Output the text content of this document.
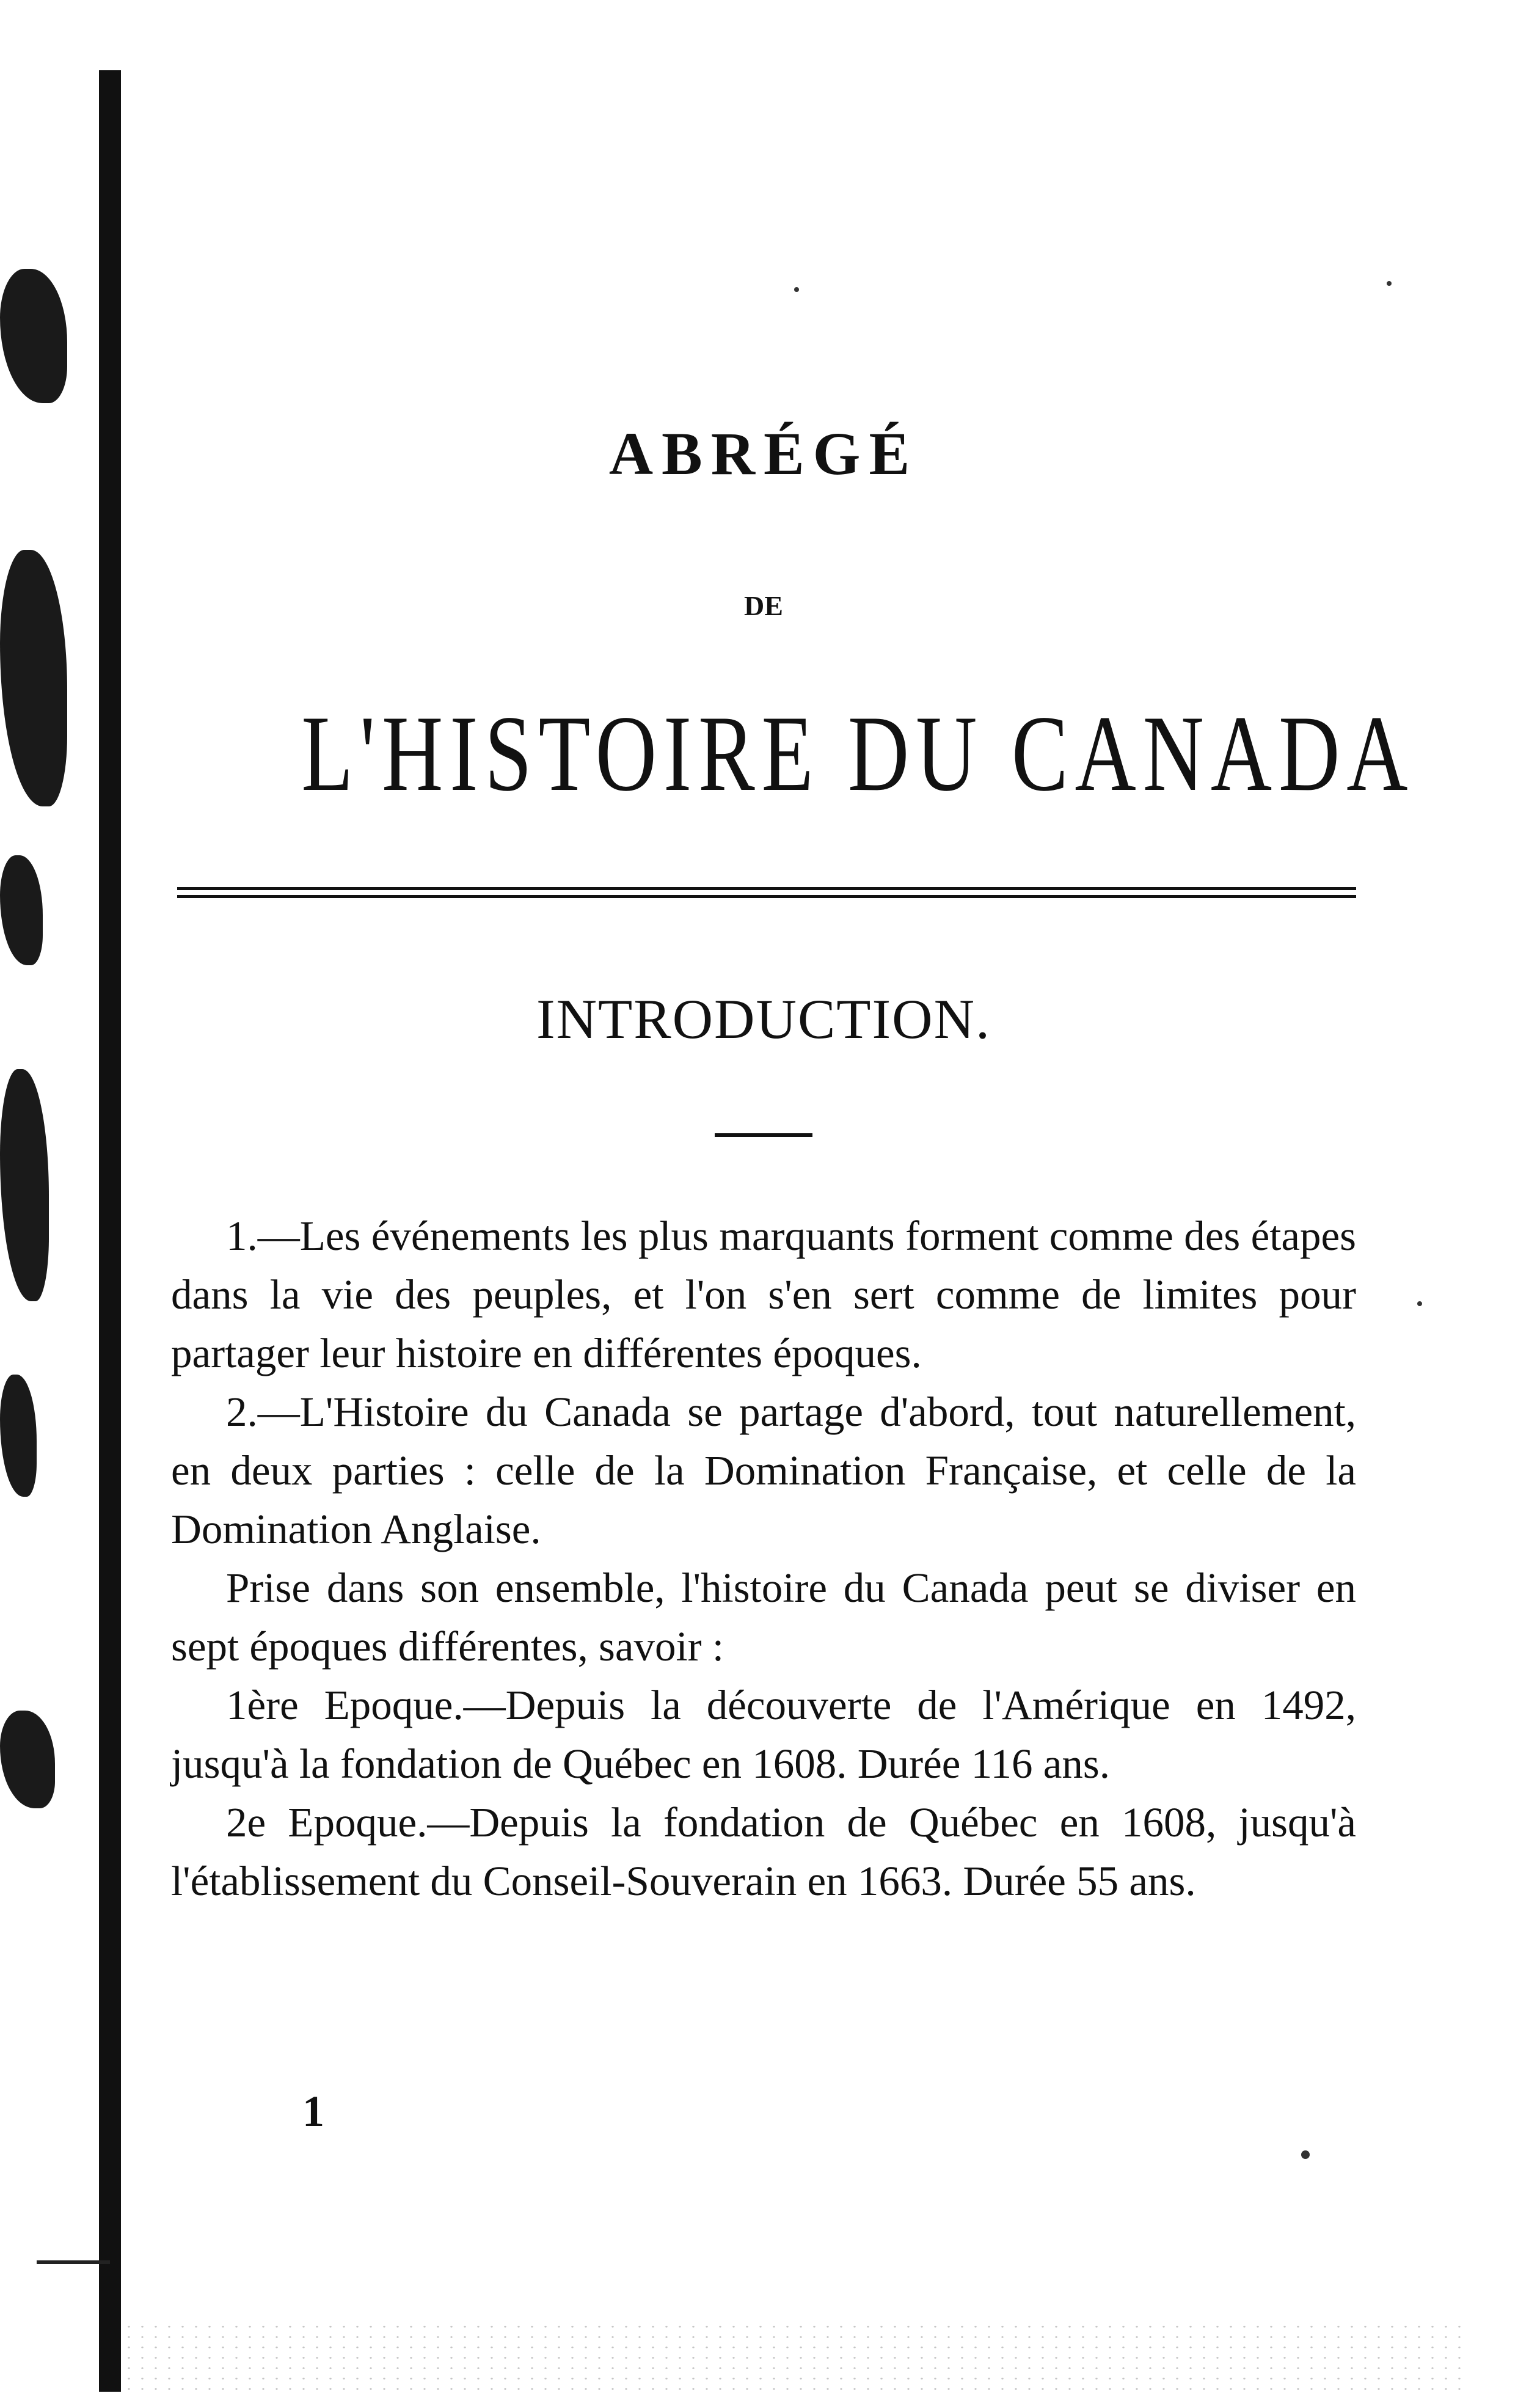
ABRÉGÉ
DE
L'HISTOIRE DU CANADA
INTRODUCTION.

1.—Les événements les plus marquants forment comme des étapes dans la vie des peuples, et l'on s'en sert comme de limites pour partager leur histoire en différentes époques.

2.—L'Histoire du Canada se partage d'abord, tout naturellement, en deux parties : celle de la Domination Française, et celle de la Domination Anglaise.

Prise dans son ensemble, l'histoire du Canada peut se diviser en sept époques différentes, savoir :

1ère Epoque.—Depuis la découverte de l'Amérique en 1492, jusqu'à la fondation de Québec en 1608. Durée 116 ans.

2e Epoque.—Depuis la fondation de Québec en 1608, jusqu'à l'établissement du Conseil-Souverain en 1663. Durée 55 ans.

1
